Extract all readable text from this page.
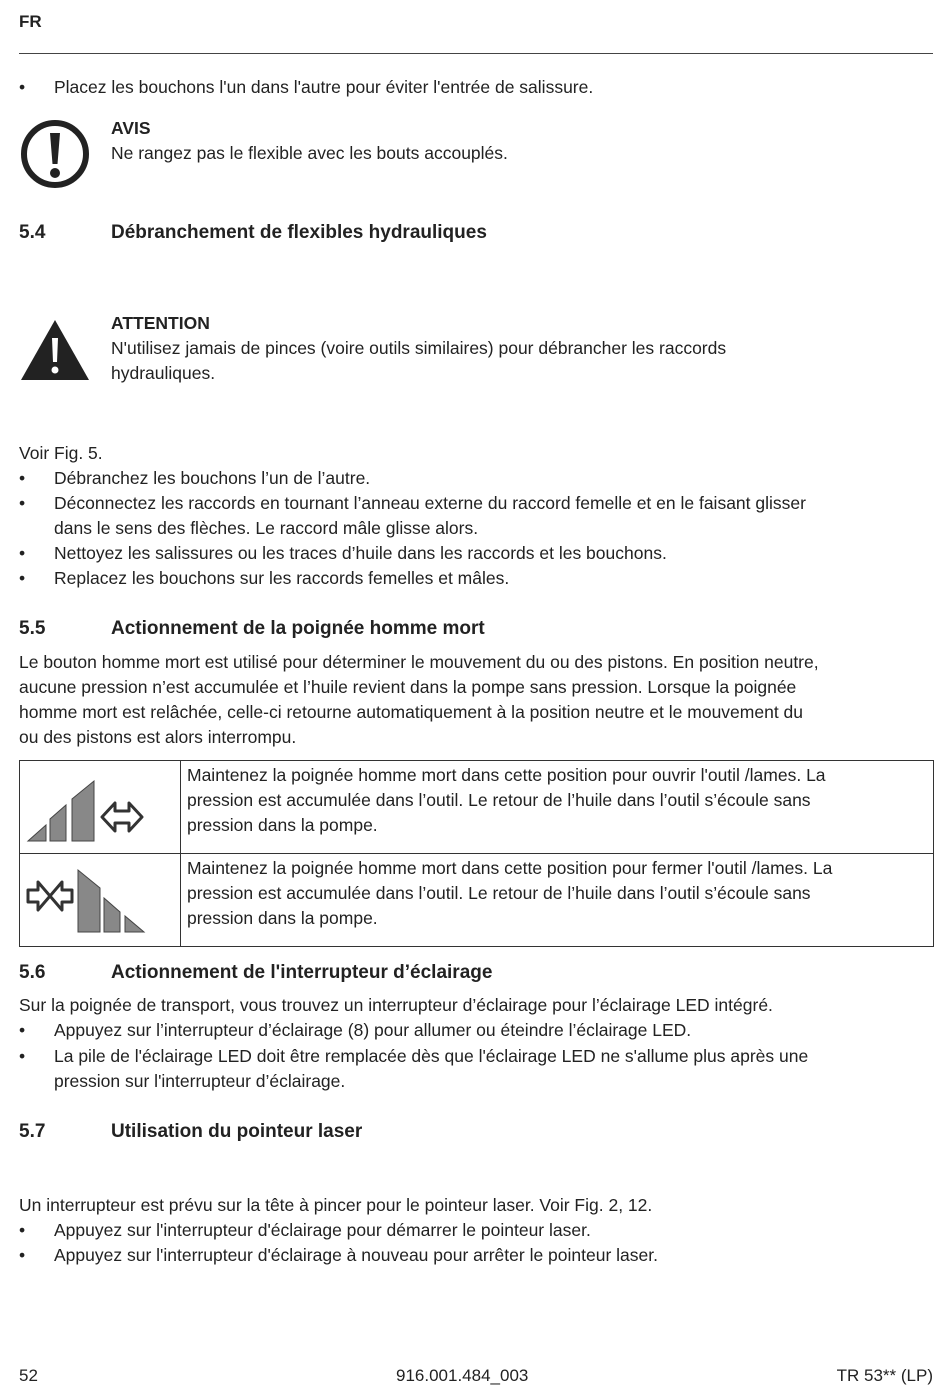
FR
• Placez les bouchons l'un dans l'autre pour éviter l'entrée de salissure.
AVIS
Ne rangez pas le flexible avec les bouts accouplés.
5.4	Débranchement de flexibles hydrauliques
ATTENTION
N'utilisez jamais de pinces (voire outils similaires) pour débrancher les raccords
hydrauliques.
Voir Fig. 5.
• Débranchez les bouchons l’un de l’autre.
• Déconnectez les raccords en tournant l’anneau externe du raccord femelle et en le faisant glisser
dans le sens des flèches. Le raccord mâle glisse alors.
• Nettoyez les salissures ou les traces d’huile dans les raccords et les bouchons.
• Replacez les bouchons sur les raccords femelles et mâles.
5.5	Actionnement de la poignée homme mort
Le bouton homme mort est utilisé pour déterminer le mouvement du ou des pistons. En position neutre,
aucune pression n’est accumulée et l’huile revient dans la pompe sans pression. Lorsque la poignée
homme mort est relâchée, celle-ci retourne automatiquement à la position neutre et le mouvement du
ou des pistons est alors interrompu.

Maintenez la poignée homme mort dans cette position pour ouvrir l'outil /lames. La
pression est accumulée dans l’outil. Le retour de l’huile dans l’outil s’écoule sans
pression dans la pompe.

Maintenez la poignée homme mort dans cette position pour fermer l'outil /lames. La
pression est accumulée dans l’outil. Le retour de l’huile dans l’outil s’écoule sans
pression dans la pompe.
5.6	Actionnement de l'interrupteur d’éclairage
Sur la poignée de transport, vous trouvez un interrupteur d’éclairage pour l’éclairage LED intégré.
• Appuyez sur l’interrupteur d’éclairage (8) pour allumer ou éteindre l’éclairage LED.
• La pile de l'éclairage LED doit être remplacée dès que l'éclairage LED ne s'allume plus après une
pression sur l'interrupteur d’éclairage.
5.7	Utilisation du pointeur laser
Un interrupteur est prévu sur la tête à pincer pour le pointeur laser. Voir Fig. 2, 12.
• Appuyez sur l'interrupteur d'éclairage pour démarrer le pointeur laser.
• Appuyez sur l'interrupteur d'éclairage à nouveau pour arrêter le pointeur laser.
52	916.001.484_003	TR 53** (LP)
